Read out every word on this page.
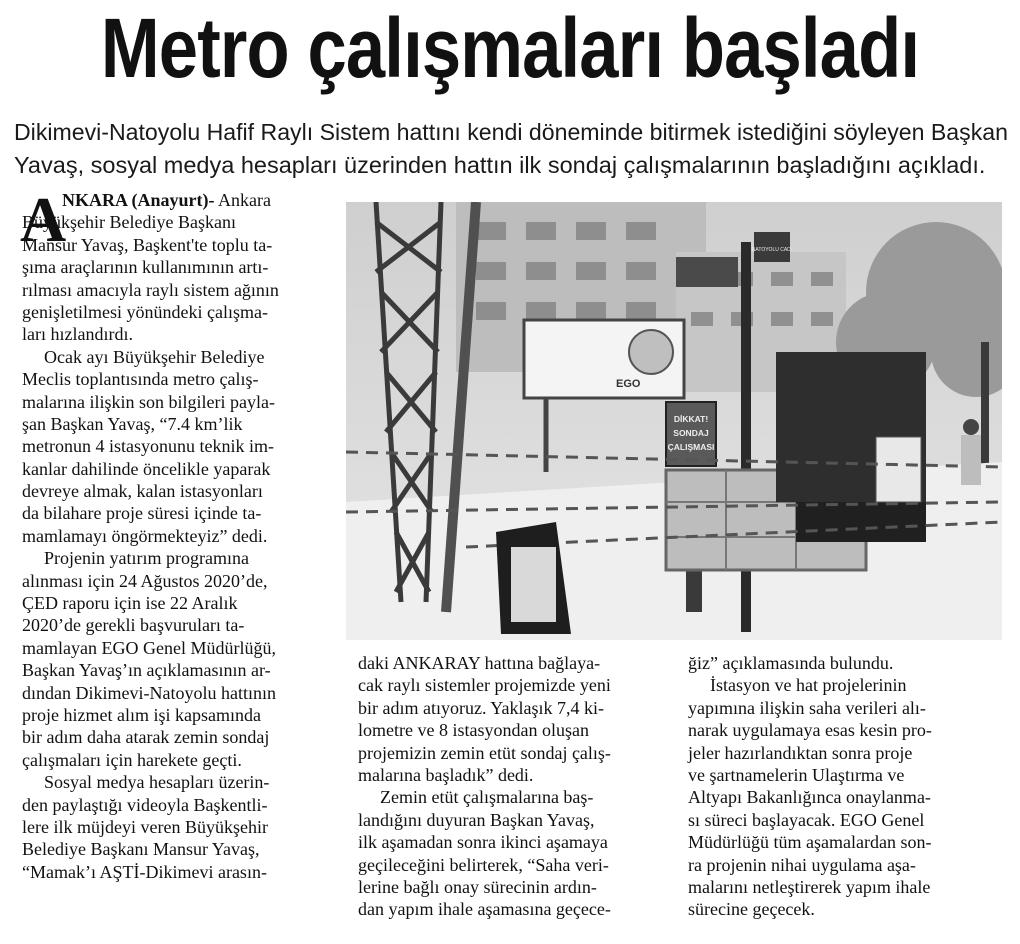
Metro çalışmaları başladı
Dikimevi-Natoyolu Hafif Raylı Sistem hattını kendi döneminde bitirmek istediğini söyleyen Başkan
Yavaş, sosyal medya hesapları üzerinden hattın ilk sondaj çalışmalarının başladığını açıkladı.
A
NKARA (Anayurt)- Ankara
Büyükşehir Belediye Başkanı
Mansur Yavaş, Başkent'te toplu ta-
şıma araçlarının kullanımının artı-
rılması amacıyla raylı sistem ağının
genişletilmesi yönündeki çalışma-
ları hızlandırdı.
Ocak ayı Büyükşehir Belediye
Meclis toplantısında metro çalış-
malarına ilişkin son bilgileri payla-
şan Başkan Yavaş, “7.4 km’lik
metronun 4 istasyonunu teknik im-
kanlar dahilinde öncelikle yaparak
devreye almak, kalan istasyonları
da bilahare proje süresi içinde ta-
mamlamayı öngörmekteyiz” dedi.
Projenin yatırım programına
alınması için 24 Ağustos 2020’de,
ÇED raporu için ise 22 Aralık
2020’de gerekli başvuruları ta-
mamlayan EGO Genel Müdürlüğü,
Başkan Yavaş’ın açıklamasının ar-
dından Dikimevi-Natoyolu hattının
proje hizmet alım işi kapsamında
bir adım daha atarak zemin sondaj
çalışmaları için harekete geçti.
Sosyal medya hesapları üzerin-
den paylaştığı videoyla Başkentli-
lere ilk müjdeyi veren Büyükşehir
Belediye Başkanı Mansur Yavaş,
“Mamak’ı AŞTİ-Dikimevi arasın-
EGO
DİKKAT!
SONDAJ
ÇALIŞMASI
NATOYOLU CAD.
daki ANKARAY hattına bağlaya-
cak raylı sistemler projemizde yeni
bir adım atıyoruz. Yaklaşık 7,4 ki-
lometre ve 8 istasyondan oluşan
projemizin zemin etüt sondaj çalış-
malarına başladık” dedi.
Zemin etüt çalışmalarına baş-
landığını duyuran Başkan Yavaş,
ilk aşamadan sonra ikinci aşamaya
geçileceğini belirterek, “Saha veri-
lerine bağlı onay sürecinin ardın-
dan yapım ihale aşamasına geçece-
ğiz” açıklamasında bulundu.
İstasyon ve hat projelerinin
yapımına ilişkin saha verileri alı-
narak uygulamaya esas kesin pro-
jeler hazırlandıktan sonra proje
ve şartnamelerin Ulaştırma ve
Altyapı Bakanlığınca onaylanma-
sı süreci başlayacak. EGO Genel
Müdürlüğü tüm aşamalardan son-
ra projenin nihai uygulama aşa-
malarını netleştirerek yapım ihale
sürecine geçecek.
